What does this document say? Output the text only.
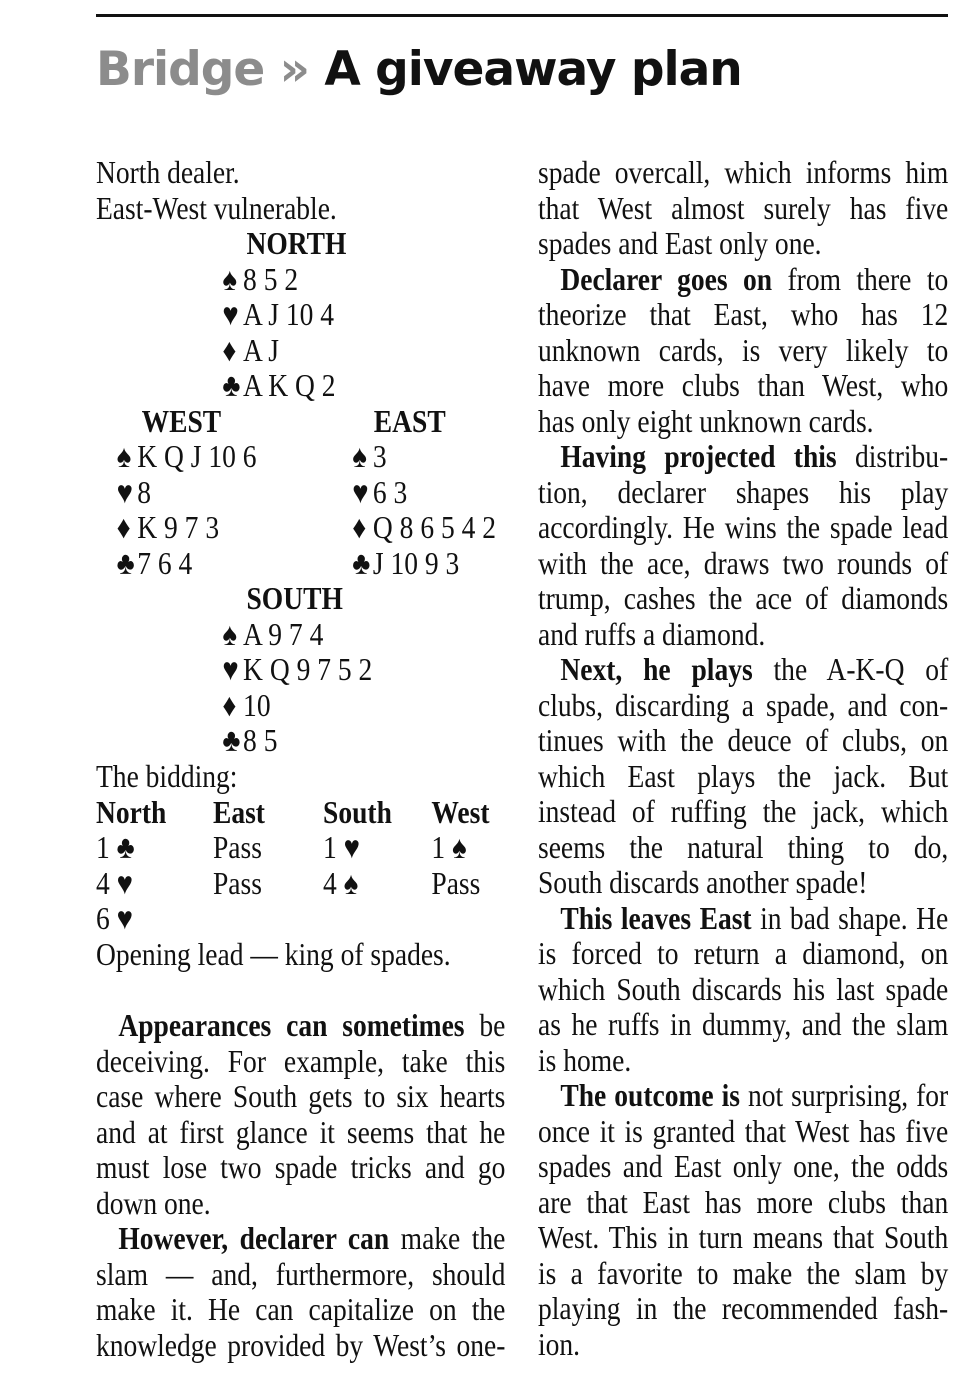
Bridge » A giveaway plan
North dealer.
East-West vulnerable.
NORTH
♠ 8 5 2
♥ A J 10 4
♦ A J
♣A K Q 2
WEST	EAST
♠ K Q J 10 6
♥ 8
♦ K 9 7 3
♣7 6 4
♠ 3
♥ 6 3
♦ Q 8 6 5 4 2
♣J 10 9 3
SOUTH
♠ A 9 7 4
♥ K Q 9 7 5 2
♦ 10
♣8 5
The bidding:
North East South West
1 ♣ Pass 1 ♥ 1 ♠
4 ♥ Pass 4 ♠ Pass
6 ♥
Opening lead — king of spades.
Appearances can sometimes be
deceiving. For example, take this
case where South gets to six hearts
and at first glance it seems that he
must lose two spade tricks and go
down one.
However, declarer can make the
slam — and, furthermore, should
make it. He can capitalize on the
knowledge provided by West’s one-
spade overcall, which informs him
that West almost surely has five
spades and East only one.
Declarer goes on from there to
theorize that East, who has 12
unknown cards, is very likely to
have more clubs than West, who
has only eight unknown cards.
Having projected this distribu-
tion, declarer shapes his play
accordingly. He wins the spade lead
with the ace, draws two rounds of
trump, cashes the ace of diamonds
and ruffs a diamond.
Next, he plays the A-K-Q of
clubs, discarding a spade, and con-
tinues with the deuce of clubs, on
which East plays the jack. But
instead of ruffing the jack, which
seems the natural thing to do,
South discards another spade!
This leaves East in bad shape. He
is forced to return a diamond, on
which South discards his last spade
as he ruffs in dummy, and the slam
is home.
The outcome is not surprising, for
once it is granted that West has five
spades and East only one, the odds
are that East has more clubs than
West. This in turn means that South
is a favorite to make the slam by
playing in the recommended fash-
ion.
